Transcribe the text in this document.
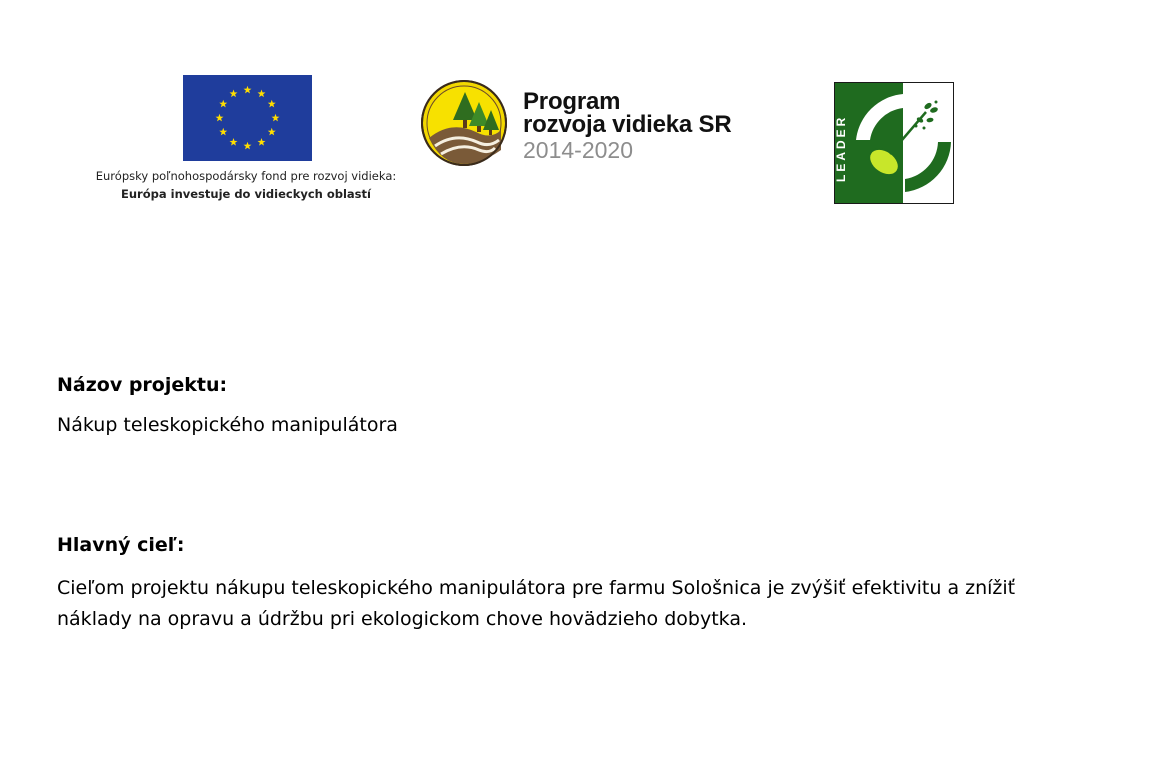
Európsky poľnohospodársky fond pre rozvoj vidieka:
Európa investuje do vidieckych oblastí
Program
rozvoja vidieka SR
2014-2020	LEADER
Názov projektu:
Nákup teleskopického manipulátora
Hlavný cieľ:
Cieľom projektu nákupu teleskopického manipulátora pre farmu Sološnica je zvýšiť efektivitu a znížiť náklady na opravu a údržbu pri ekologickom chove hovädzieho dobytka.
